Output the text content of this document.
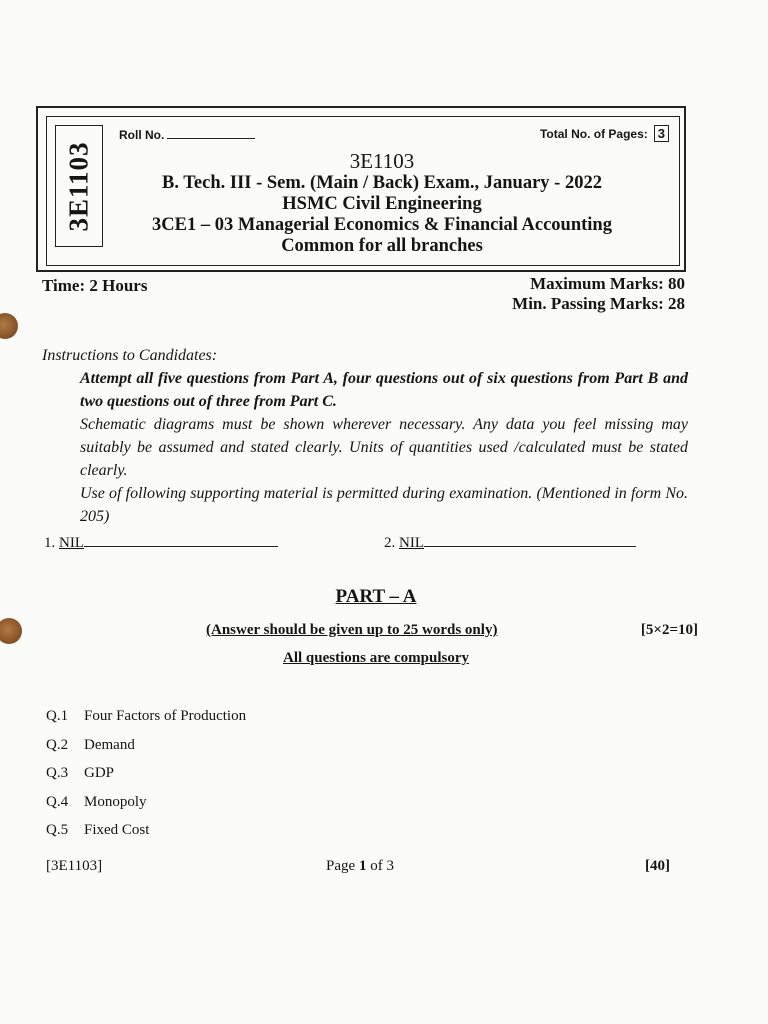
3E1103
Roll No.	Total No. of Pages: 3
3E1103
B. Tech. III - Sem. (Main / Back) Exam., January - 2022
HSMC Civil Engineering
3CE1 – 03 Managerial Economics & Financial Accounting
Common for all branches
Time: 2 Hours	Maximum Marks: 80
Min. Passing Marks: 28
Instructions to Candidates:
Attempt all five questions from Part A, four questions out of six questions from Part B and two questions out of three from Part C.
Schematic diagrams must be shown wherever necessary. Any data you feel missing may suitably be assumed and stated clearly. Units of quantities used /calculated must be stated clearly.
Use of following supporting material is permitted during examination. (Mentioned in form No. 205)
1. NIL	2. NIL
PART – A
(Answer should be given up to 25 words only)	[5×2=10]
All questions are compulsory
Q.1 Four Factors of Production
Q.2 Demand
Q.3 GDP
Q.4 Monopoly
Q.5 Fixed Cost
[3E1103]	Page 1 of 3	[40]
